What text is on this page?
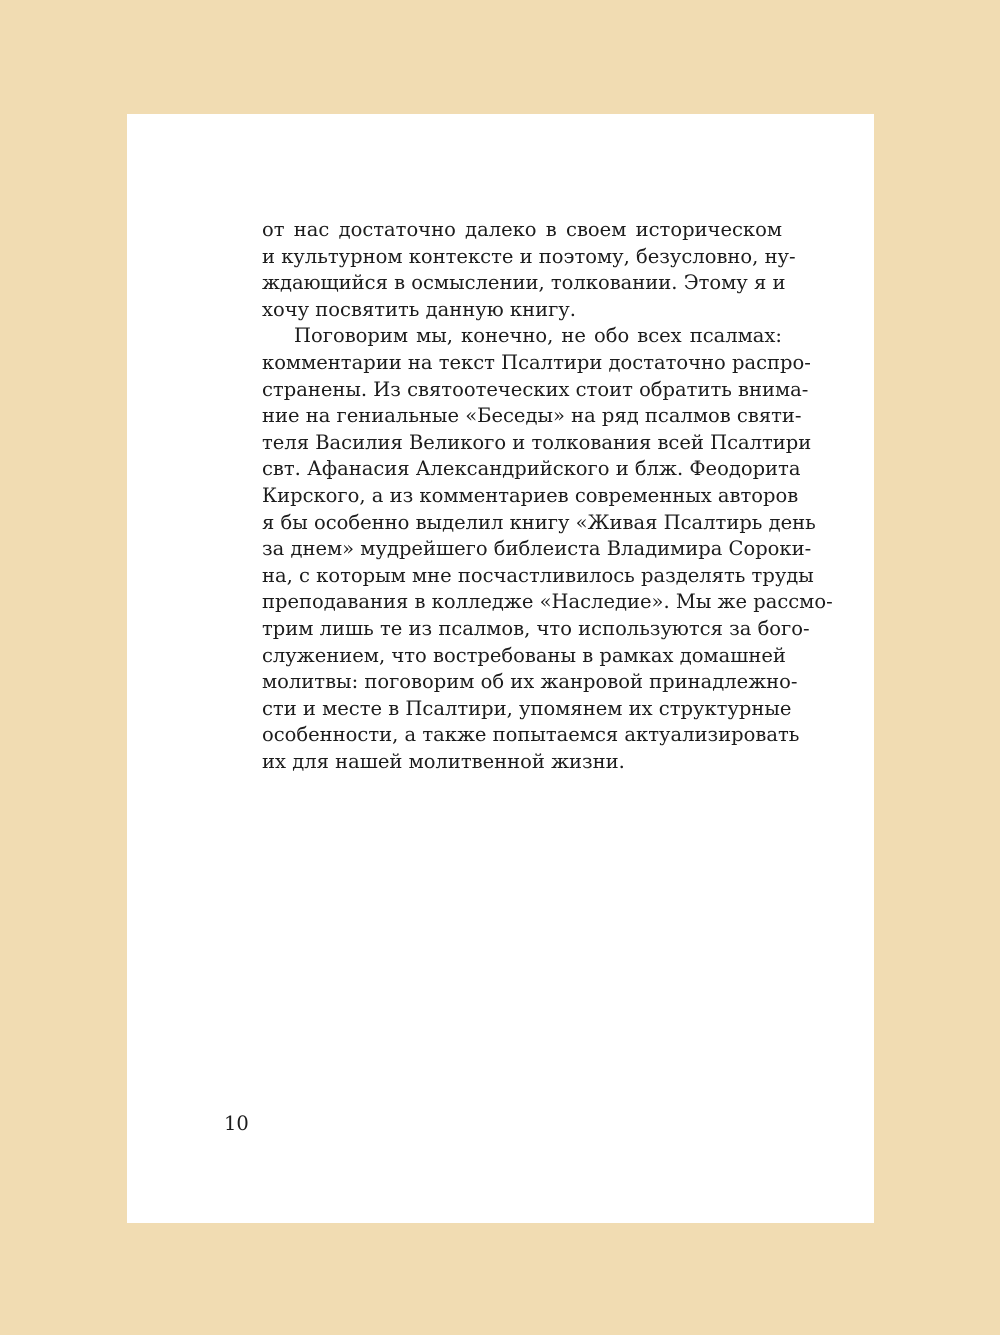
от нас достаточно далеко в своем историческом
и культурном контексте и поэтому, безусловно, ну-
ждающийся в осмыслении, толковании. Этому я и
хочу посвятить данную книгу.
Поговорим мы, конечно, не обо всех псалмах:
комментарии на текст Псалтири достаточно распро-
странены. Из святоотеческих стоит обратить внима-
ние на гениальные «Беседы» на ряд псалмов святи-
теля Василия Великого и толкования всей Псалтири
свт. Афанасия Александрийского и блж. Феодорита
Кирского, а из комментариев современных авторов
я бы особенно выделил книгу «Живая Псалтирь день
за днем» мудрейшего библеиста Владимира Сороки-
на, с которым мне посчастливилось разделять труды
преподавания в колледже «Наследие». Мы же рассмо-
трим лишь те из псалмов, что используются за бого-
служением, что востребованы в рамках домашней
молитвы: поговорим об их жанровой принадлежно-
сти и месте в Псалтири, упомянем их структурные
особенности, а также попытаемся актуализировать
их для нашей молитвенной жизни.
10
